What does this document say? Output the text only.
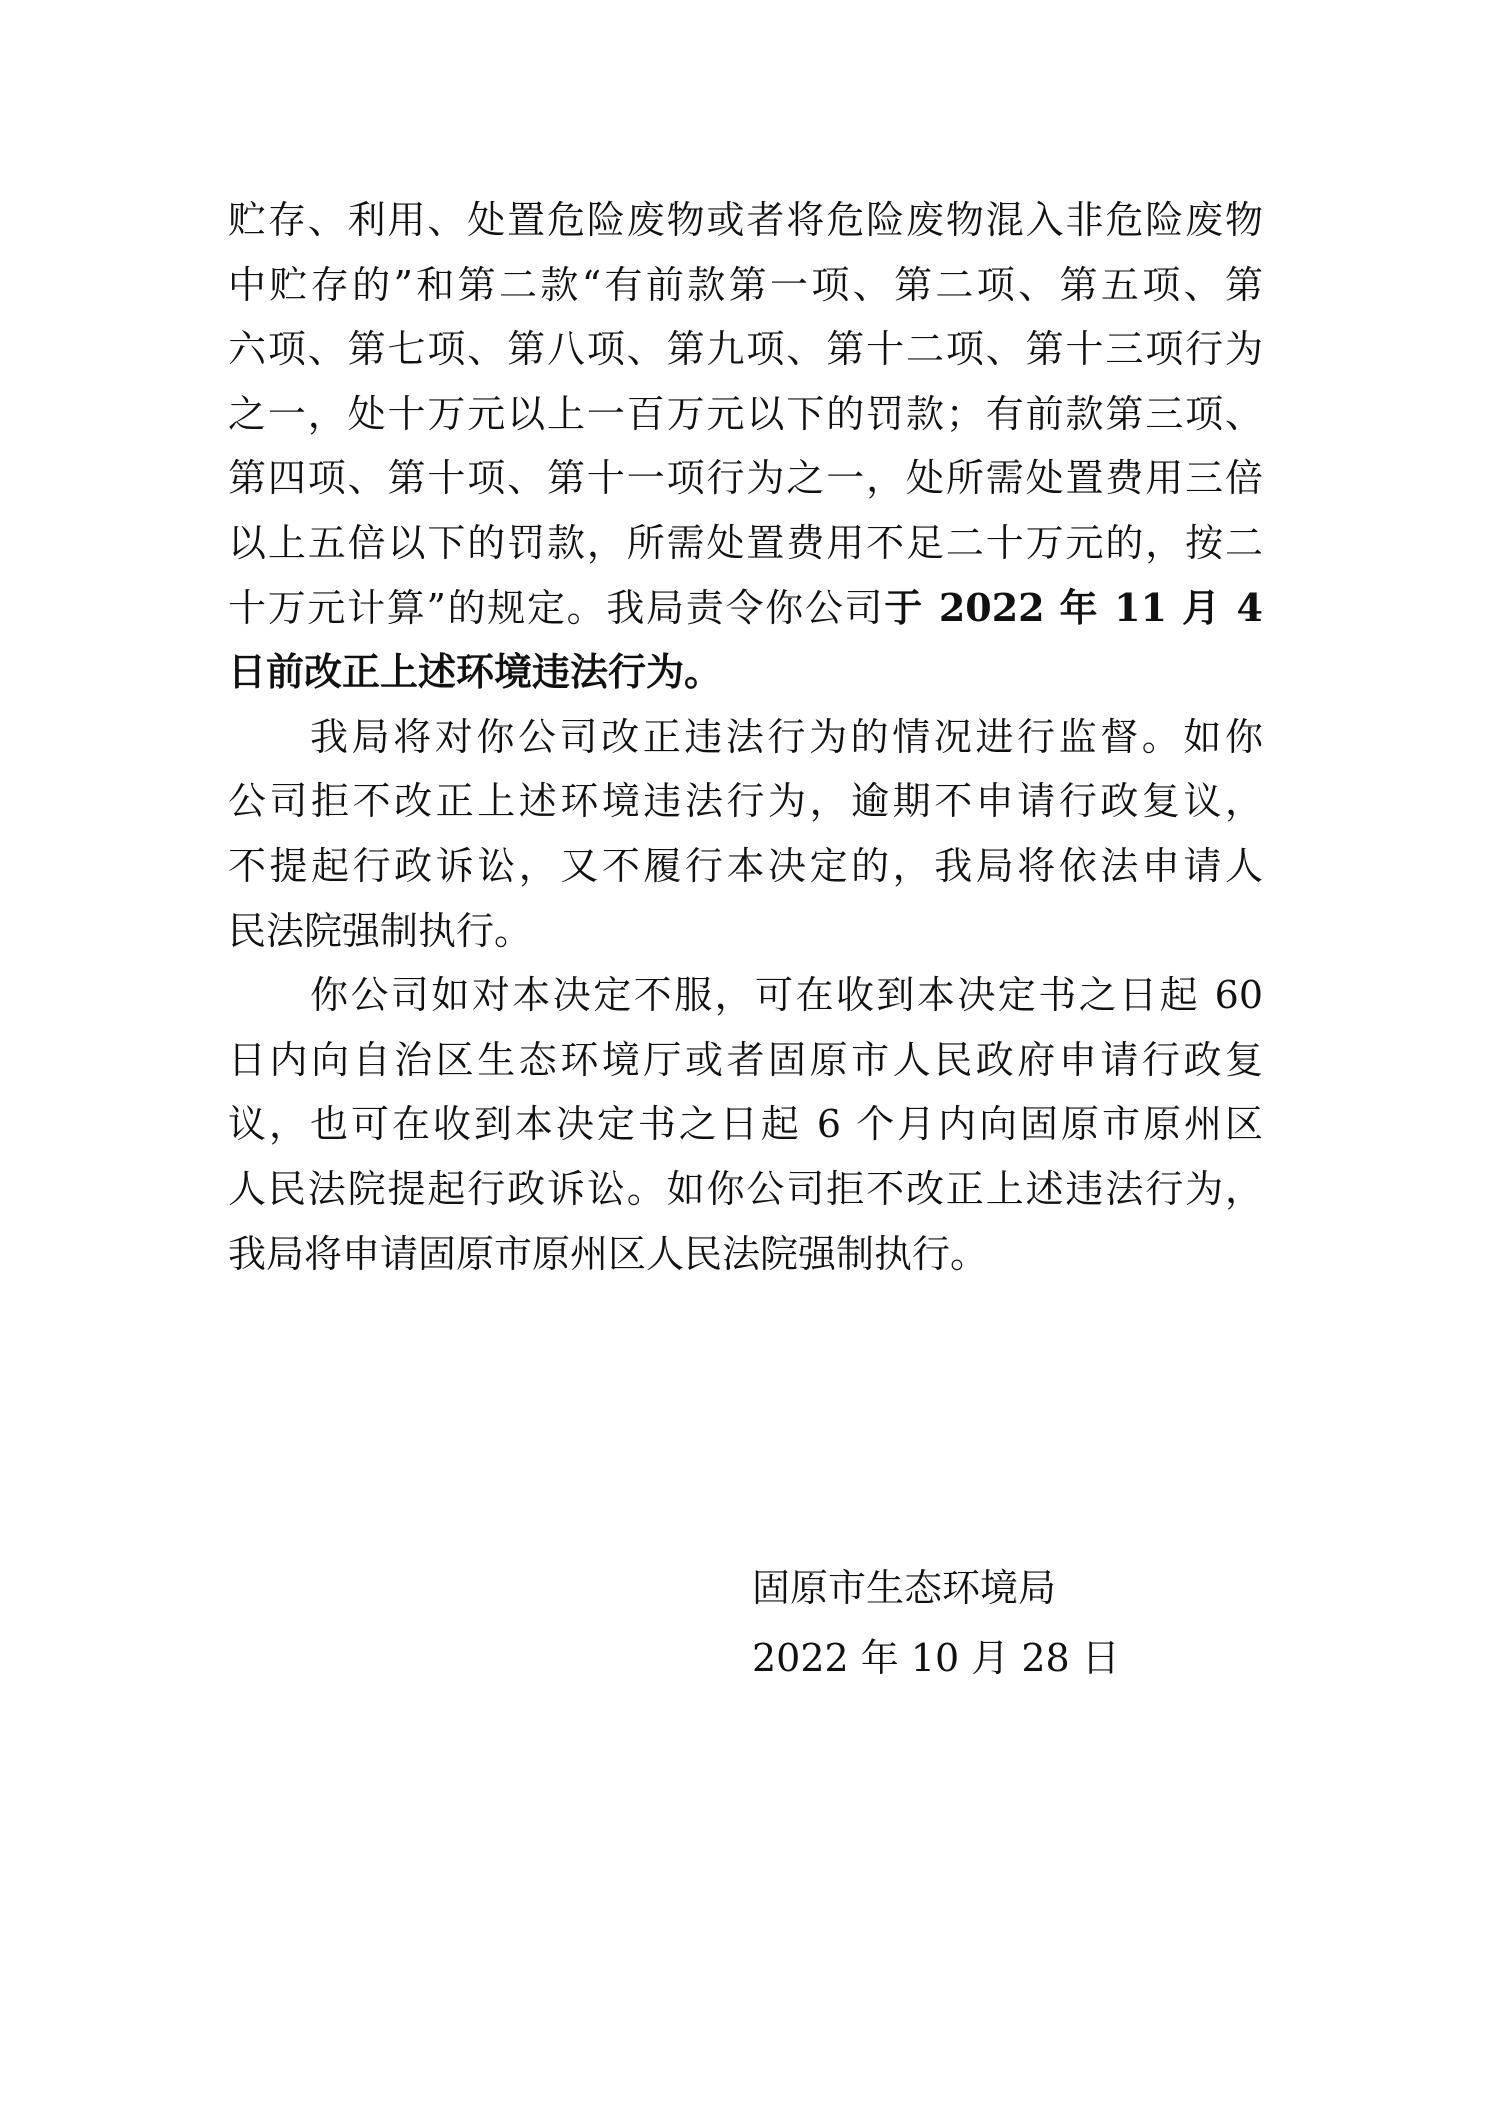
贮存、利用、处置危险废物或者将危险废物混入非危险废物
中贮存的”和第二款“有前款第一项、第二项、第五项、第
六项、第七项、第八项、第九项、第十二项、第十三项行为
之一，处十万元以上一百万元以下的罚款；有前款第三项、
第四项、第十项、第十一项行为之一，处所需处置费用三倍
以上五倍以下的罚款，所需处置费用不足二十万元的，按二
十万元计算”的规定。我局责令你公司于 2022 年 11 月 4
日前改正上述环境违法行为。
我局将对你公司改正违法行为的情况进行监督。如你
公司拒不改正上述环境违法行为，逾期不申请行政复议，
不提起行政诉讼，又不履行本决定的，我局将依法申请人
民法院强制执行。
你公司如对本决定不服，可在收到本决定书之日起 60
日内向自治区生态环境厅或者固原市人民政府申请行政复
议，也可在收到本决定书之日起 6 个月内向固原市原州区
人民法院提起行政诉讼。如你公司拒不改正上述违法行为，
我局将申请固原市原州区人民法院强制执行。
固原市生态环境局
2022 年 10 月 28 日
